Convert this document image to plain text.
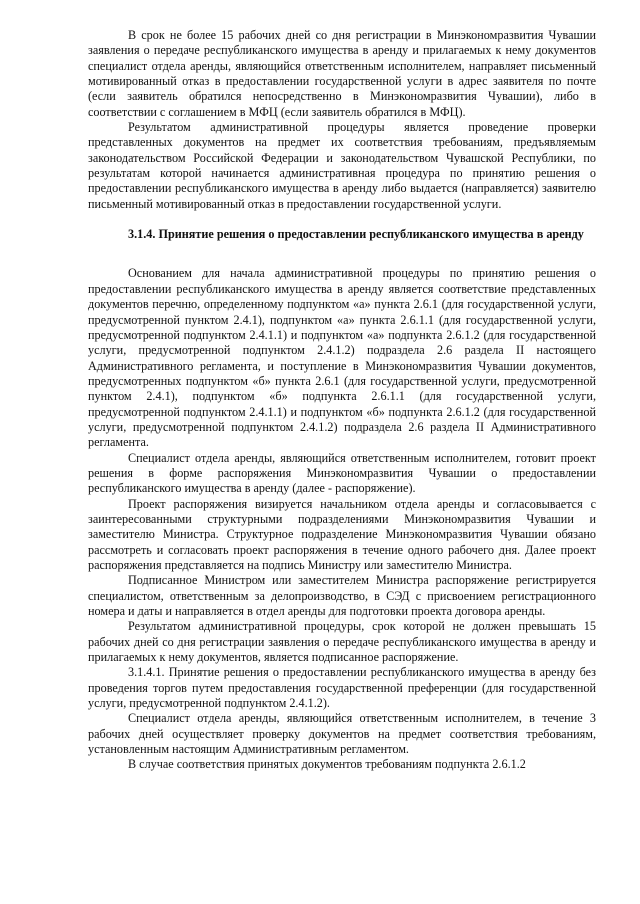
В срок не более 15 рабочих дней со дня регистрации в Минэкономразвития Чувашии заявления о передаче республиканского имущества в аренду и прилагаемых к нему документов специалист отдела аренды, являющийся ответственным исполнителем, направляет письменный мотивированный отказ в предоставлении государственной услуги в адрес заявителя по почте (если заявитель обратился непосредственно в Минэкономразвития Чувашии), либо в соответствии с соглашением в МФЦ (если заявитель обратился в МФЦ).

Результатом административной процедуры является проведение проверки представленных документов на предмет их соответствия требованиям, предъявляемым законодательством Российской Федерации и законодательством Чувашской Республики, по результатам которой начинается административная процедура по принятию решения о предоставлении республиканского имущества в аренду либо выдается (направляется) заявителю письменный мотивированный отказ в предоставлении государственной услуги.

3.1.4. Принятие решения о предоставлении республиканского имущества в аренду

Основанием для начала административной процедуры по принятию решения о предоставлении республиканского имущества в аренду является соответствие представленных документов перечню, определенному подпунктом «а» пункта 2.6.1 (для государственной услуги, предусмотренной пунктом 2.4.1), подпунктом «а» пункта 2.6.1.1 (для государственной услуги, предусмотренной подпунктом 2.4.1.1) и подпунктом «а» подпункта 2.6.1.2 (для государственной услуги, предусмотренной подпунктом 2.4.1.2) подраздела 2.6 раздела II настоящего Административного регламента, и поступление в Минэкономразвития Чувашии документов, предусмотренных подпунктом «б» пункта 2.6.1 (для государственной услуги, предусмотренной пунктом 2.4.1), подпунктом «б» подпункта 2.6.1.1 (для государственной услуги, предусмотренной подпунктом 2.4.1.1) и подпунктом «б» подпункта 2.6.1.2 (для государственной услуги, предусмотренной подпунктом 2.4.1.2) подраздела 2.6 раздела II Административного регламента.

Специалист отдела аренды, являющийся ответственным исполнителем, готовит проект решения в форме распоряжения Минэкономразвития Чувашии о предоставлении республиканского имущества в аренду (далее - распоряжение).

Проект распоряжения визируется начальником отдела аренды и согласовывается с заинтересованными структурными подразделениями Минэкономразвития Чувашии и заместителю Министра. Структурное подразделение Минэкономразвития Чувашии обязано рассмотреть и согласовать проект распоряжения в течение одного рабочего дня. Далее проект распоряжения представляется на подпись Министру или заместителю Министра.

Подписанное Министром или заместителем Министра распоряжение регистрируется специалистом, ответственным за делопроизводство, в СЭД с присвоением регистрационного номера и даты и направляется в отдел аренды для подготовки проекта договора аренды.

Результатом административной процедуры, срок которой не должен превышать 15 рабочих дней со дня регистрации заявления о передаче республиканского имущества в аренду и прилагаемых к нему документов, является подписанное распоряжение.

3.1.4.1. Принятие решения о предоставлении республиканского имущества в аренду без проведения торгов путем предоставления государственной преференции (для государственной услуги, предусмотренной подпунктом 2.4.1.2).

Специалист отдела аренды, являющийся ответственным исполнителем, в течение 3 рабочих дней осуществляет проверку документов на предмет соответствия требованиям, установленным настоящим Административным регламентом.

В случае соответствия принятых документов требованиям подпункта 2.6.1.2
